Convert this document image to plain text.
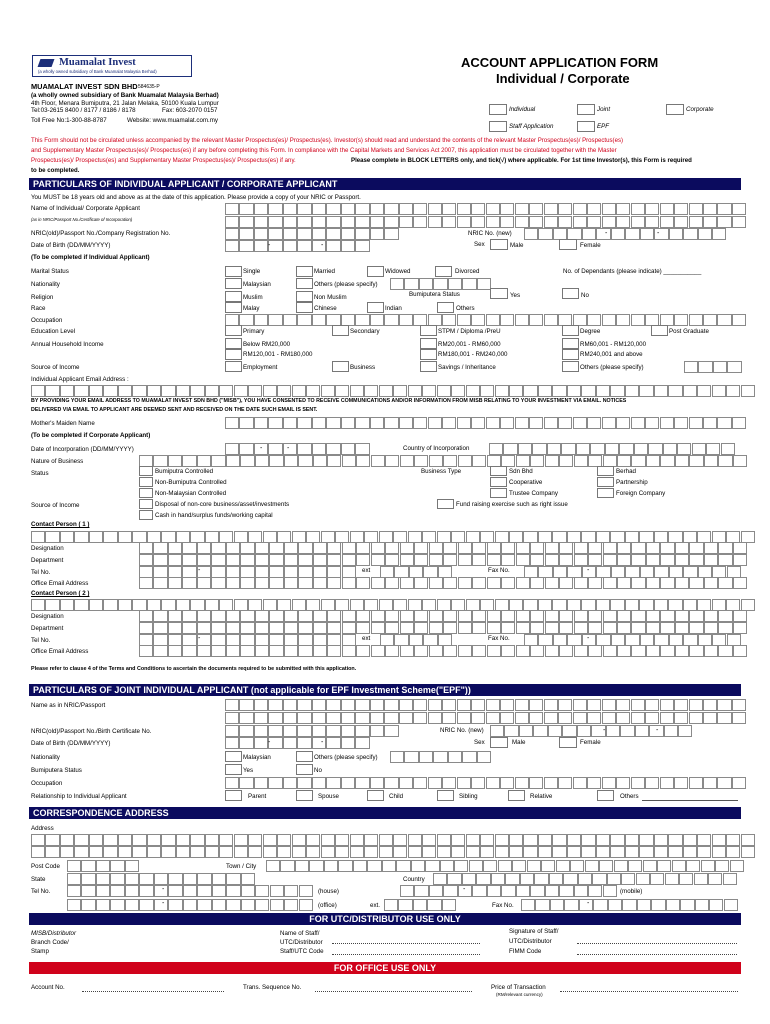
Muamalat Invest
(a wholly owned subsidiary of Bank Muamalat Malaysia Berhad)
MUAMALAT INVEST SDN BHD 584635-P
(a wholly owned subsidiary of Bank Muamalat Malaysia Berhad)
4th Floor, Menara Bumiputra, 21 Jalan Melaka, 50100 Kuala Lumpur
Tel:03-2615 8400 / 8177 / 8186 / 8178	Fax: 603-2070 0157
Toll Free No:1-300-88-8787	Website: www.muamalat.com.my
ACCOUNT APPLICATION FORM
Individual / Corporate
Individual	Joint	Corporate
Staff Application	EPF
This Form should not be circulated unless accompanied by the relevant Master Prospectus(es)/ Prospectus(es). Investor(s) should read and understand the contents of the relevant Master Prospectus(es)/ Prospectus(es)
and Supplementary Master Prospectus(es)/ Prospectus(es) if any before completing this Form. In compliance with the Capital Markets and Services Act 2007, this application must be circulated together with the Master
Prospectus(es)/ Prospectus(es) and Supplementary Master Prospectus(es)/ Prospectus(es) if any.	Please complete in BLOCK LETTERS only, and tick(√) where applicable. For 1st time Investor(s), this Form is required
to be completed.
PARTICULARS OF INDIVIDUAL APPLICANT / CORPORATE APPLICANT
You MUST be 18 years old and above as at the date of this application. Please provide a copy of your NRIC or Passport.
Name of Individual/ Corporate Applicant
(as in NRIC/Passport No./Certificate of Incorporation)
NRIC(old)/Passport No./Company Registration No.	NRIC No. (new)	-	-
Date of Birth (DD/MM/YYYY)	-	-	Sex	Male	Female
(To be completed if Individual Applicant)
Marital Status	Single	Married	Widowed	Divorced	No. of Dependants (please indicate) ___________
Nationality	Malaysian	Others (please specify)
Religion	Muslim	Non Muslim	Bumiputera Status	Yes	No
Race	Malay	Chinese	Indian	Others
Occupation
Education Level	Primary	Secondary	STPM / Diploma /PreU	Degree	Post Graduate
Annual Household Income	Below RM20,000	RM20,001 - RM60,000	RM60,001 - RM120,000
RM120,001 - RM180,000	RM180,001 - RM240,000	RM240,001 and above
Source of Income	Employment	Business	Savings / Inheritance	Others (please specify)
Individual Applicant Email Address :
BY PROVIDING YOUR EMAIL ADDRESS TO MUAMALAT INVEST SDN BHD ("MISB"), YOU HAVE CONSENTED TO RECEIVE COMMUNICATIONS AND/OR INFORMATION FROM MISB RELATING TO YOUR INVESTMENT VIA EMAIL. NOTICES
DELIVERED VIA EMAIL TO APPLICANT ARE DEEMED SENT AND RECEIVED ON THE DATE SUCH EMAIL IS SENT.
Mother's Maiden Name
(To be completed if Corporate Applicant)
Date of Incorporation (DD/MM/YYYY)	-	-	Country of Incorporation
Nature of Business
Status	Bumiputra Controlled
Non-Bumiputra Controlled
Non-Malaysian Controlled
Business Type	Sdn Bhd	Berhad
Cooperative	Partnership
Trustee Company	Foreign Company
Source of Income	Disposal of non-core business/asset/investments	Fund raising exercise such as right issue
Cash in hand/surplus funds/working capital
Contact Person ( 1 )
Designation
Department
Tel No.	-	ext	Fax No.	-
Office Email Address
Contact Person ( 2 )
Designation
Department
Tel No.	-	ext	Fax No.	-
Office Email Address
Please refer to clause 4 of the Terms and Conditions to ascertain the documents required to be submitted with this application.
PARTICULARS OF JOINT INDIVIDUAL APPLICANT (not applicable for EPF Investment Scheme("EPF"))
Name as in NRIC/Passport
NRIC(old)/Passport No./Birth Certificate No.	NRIC No. (new)	-	-
Date of Birth (DD/MM/YYYY)	-	-	Sex	Male	Female
Nationality	Malaysian	Others (please specify)
Bumiputera Status	Yes	No
Occupation
Relationship to Individual Applicant	Parent	Spouse	Child	Sibling	Relative	Others
CORRESPONDENCE ADDRESS
Address
Post Code	Town / City
State	Country
Tel No.	-	(house)	-	(mobile)
-	(office)	ext.	Fax No.	-
FOR UTC/DISTRIBUTOR USE ONLY
MISB/Distributor
Branch Code/
Stamp
Name of Staff/
UTC/Distributor
Staff/UTC Code
Signature of Staff/
UTC/Distributor
FIMM Code
FOR OFFICE USE ONLY
Account No.	Trans. Sequence No.	Price of Transaction
(RM/relevant currency)
